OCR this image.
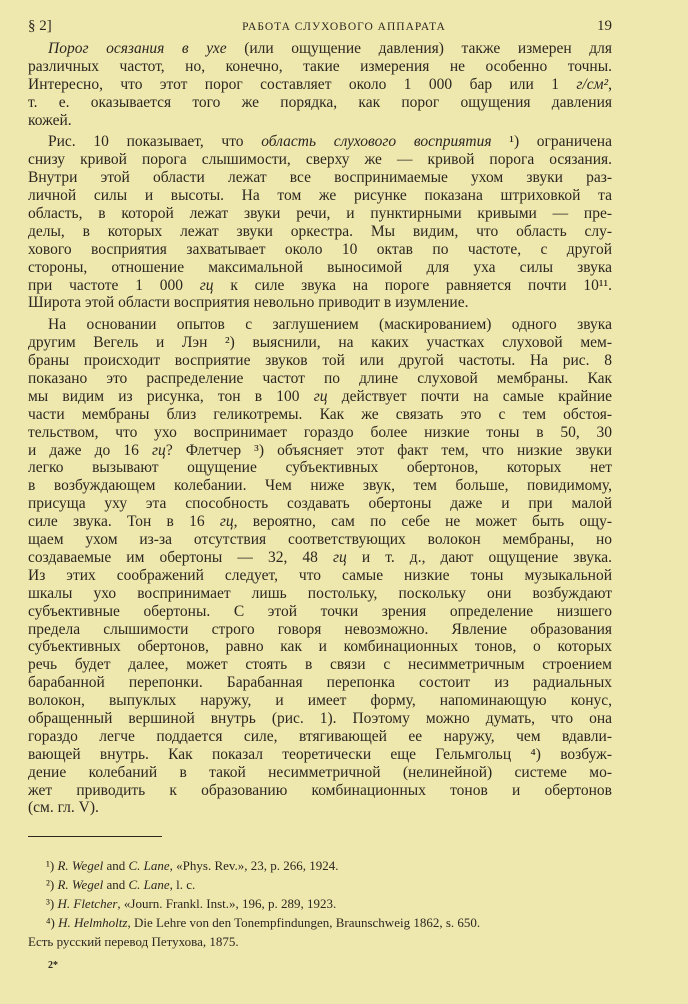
§ 2]	РАБОТА СЛУХОВОГО АППАРАТА	19
Порог осязания в ухе (или ощущение давления) также измерен для
различных частот, но, конечно, такие измерения не особенно точны.
Интересно, что этот порог составляет около 1 000 бар или 1 г/см²,
т. е. оказывается того же порядка, как порог ощущения давления
кожей.
Рис. 10 показывает, что область слухового восприятия ¹) ограничена
снизу кривой порога слышимости, сверху же — кривой порога осязания.
Внутри этой области лежат все воспринимаемые ухом звуки раз-
личной силы и высоты. На том же рисунке показана штриховкой та
область, в которой лежат звуки речи, и пунктирными кривыми — пре-
делы, в которых лежат звуки оркестра. Мы видим, что область слу-
хового восприятия захватывает около 10 октав по частоте, с другой
стороны, отношение максимальной выносимой для уха силы звука
при частоте 1 000 гц к силе звука на пороге равняется почти 10¹¹.
Широта этой области восприятия невольно приводит в изумление.
На основании опытов с заглушением (маскированием) одного звука
другим Вегель и Лэн ²) выяснили, на каких участках слуховой мем-
браны происходит восприятие звуков той или другой частоты. На рис. 8
показано это распределение частот по длине слуховой мембраны. Как
мы видим из рисунка, тон в 100 гц действует почти на самые крайние
части мембраны близ геликотремы. Как же связать это с тем обстоя-
тельством, что ухо воспринимает гораздо более низкие тоны в 50, 30
и даже до 16 гц? Флетчер ³) объясняет этот факт тем, что низкие звуки
легко вызывают ощущение субъективных обертонов, которых нет
в возбуждающем колебании. Чем ниже звук, тем больше, повидимому,
присуща уху эта способность создавать обертоны даже и при малой
силе звука. Тон в 16 гц, вероятно, сам по себе не может быть ощу-
щаем ухом из-за отсутствия соответствующих волокон мембраны, но
создаваемые им обертоны — 32, 48 гц и т. д., дают ощущение звука.
Из этих соображений следует, что самые низкие тоны музыкальной
шкалы ухо воспринимает лишь постольку, поскольку они возбуждают
субъективные обертоны. С этой точки зрения определение низшего
предела слышимости строго говоря невозможно. Явление образования
субъективных обертонов, равно как и комбинационных тонов, о которых
речь будет далее, может стоять в связи с несимметричным строением
барабанной перепонки. Барабанная перепонка состоит из радиальных
волокон, выпуклых наружу, и имеет форму, напоминающую конус,
обращенный вершиной внутрь (рис. 1). Поэтому можно думать, что она
гораздо легче поддается силе, втягивающей ее наружу, чем вдавли-
вающей внутрь. Как показал теоретически еще Гельмгольц ⁴) возбуж-
дение колебаний в такой несимметричной (нелинейной) системе мо-
жет приводить к образованию комбинационных тонов и обертонов
(см. гл. V).
¹) R. Wegel and C. Lane, «Phys. Rev.», 23, p. 266, 1924.
²) R. Wegel and C. Lane, l. c.
³) H. Fletcher, «Journ. Frankl. Inst.», 196, p. 289, 1923.
⁴) H. Helmholtz, Die Lehre von den Tonempfindungen, Braunschweig 1862, s. 650.
Есть русский перевод Петухова, 1875.
2*
